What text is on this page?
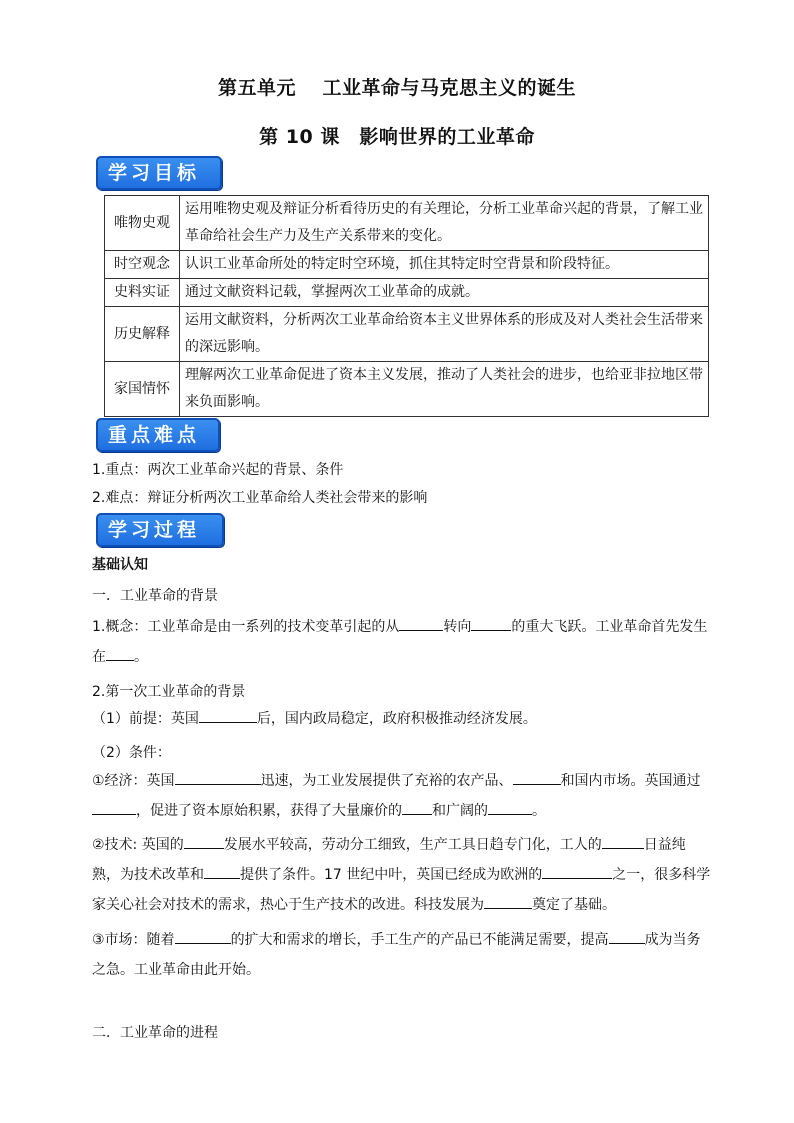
第五单元　 工业革命与马克思主义的诞生
第 10 课　影响世界的工业革命
学习目标
唯物史观	运用唯物史观及辩证分析看待历史的有关理论，分析工业革命兴起的背景，了解工业革命给社会生产力及生产关系带来的变化。
时空观念	认识工业革命所处的特定时空环境，抓住其特定时空背景和阶段特征。
史料实证	通过文献资料记载，掌握两次工业革命的成就。
历史解释	运用文献资料，分析两次工业革命给资本主义世界体系的形成及对人类社会生活带来的深远影响。
家国情怀	理解两次工业革命促进了资本主义发展，推动了人类社会的进步，也给亚非拉地区带来负面影响。
重点难点
1.重点：两次工业革命兴起的背景、条件
2.难点：辩证分析两次工业革命给人类社会带来的影响
学习过程
基础认知
一．工业革命的背景
1.概念：工业革命是由一系列的技术变革引起的从	转向	的重大飞跃。工业革命首先发生在 。
2.第一次工业革命的背景
（1）前提：英国	后，国内政局稳定，政府积极推动经济发展。
（2）条件：
①经济：英国	迅速，为工业发展提供了充裕的农产品、	和国内市场。英国通过，促进了资本原始积累，获得了大量廉价的 和广阔的	。
②技术: 英国的	发展水平较高，劳动分工细致，生产工具日趋专门化，工人的	日益纯熟，为技术改革和	提供了条件。17 世纪中叶，英国已经成为欧洲的	之一，很多科学家关心社会对技术的需求，热心于生产技术的改进。科技发展为	奠定了基础。
③市场：随着	的扩大和需求的增长，手工生产的产品已不能满足需要，提高	成为当务之急。工业革命由此开始。
二．工业革命的进程
